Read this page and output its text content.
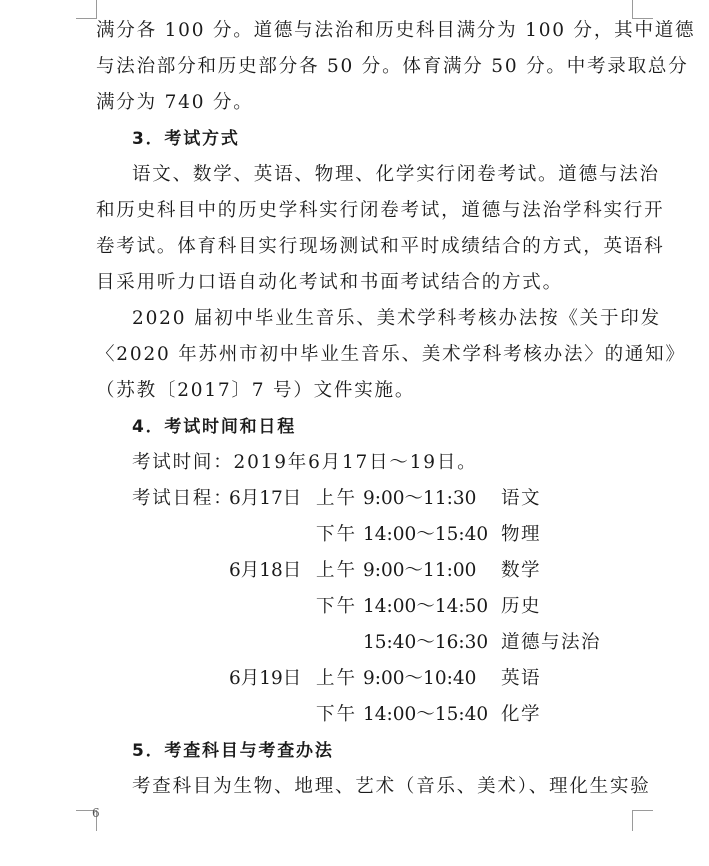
6
满分各 100 分。道德与法治和历史科目满分为 100 分，其中道德
与法治部分和历史部分各 50 分。体育满分 50 分。中考录取总分
满分为 740 分。
3．考试方式
语文、数学、英语、物理、化学实行闭卷考试。道德与法治
和历史科目中的历史学科实行闭卷考试，道德与法治学科实行开
卷考试。体育科目实行现场测试和平时成绩结合的方式，英语科
目采用听力口语自动化考试和书面考试结合的方式。
2020 届初中毕业生音乐、美术学科考核办法按《关于印发
〈2020 年苏州市初中毕业生音乐、美术学科考核办法〉的通知》
（苏教〔2017〕7 号）文件实施。
4．考试时间和日程
考试时间：2019年6月17日～19日。
考试日程：
6月17日 上午 9:00～11:30 语文
下午 14:00～15:40 物理
6月18日 上午 9:00～11:00 数学
下午 14:00～14:50 历史
15:40～16:30 道德与法治
6月19日 上午 9:00～10:40 英语
下午 14:00～15:40 化学
5．考查科目与考查办法
考查科目为生物、地理、艺术（音乐、美术）、理化生实验
